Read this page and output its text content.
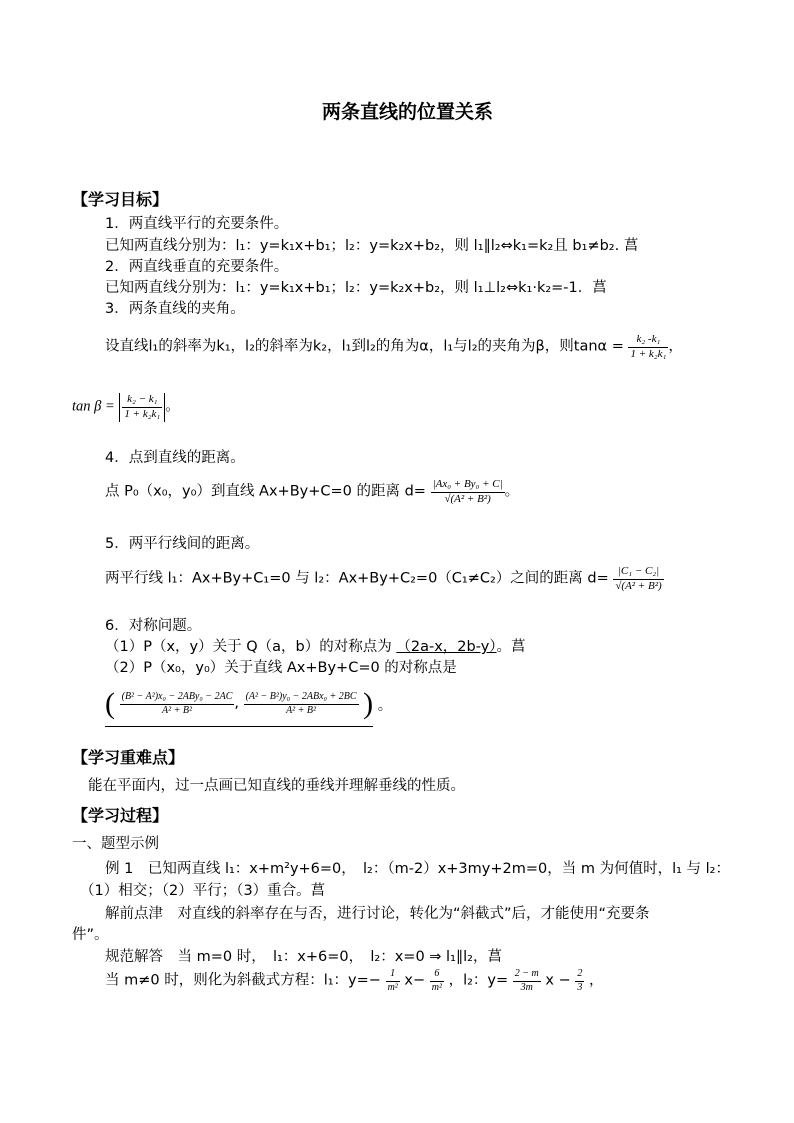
两条直线的位置关系
【学习目标】
1．两直线平行的充要条件。
已知两直线分别为：l₁：y=k₁x+b₁；l₂：y=k₂x+b₂，则 l₁∥l₂⇔k₁=k₂且 b₁≠b₂. 菖
2．两直线垂直的充要条件。
已知两直线分别为：l₁：y=k₁x+b₁；l₂：y=k₂x+b₂，则 l₁⊥l₂⇔k₁·k₂=-1．菖
3．两条直线的夹角。
设直线l₁的斜率为k₁，l₂的斜率为k₂，l₁到l₂的角为α，l₁与l₂的夹角为β，则$\tan\alpha = \frac{\text{k₂ -k₁}}{\text{1 + k₂k₁}}$ ，
$\tan \beta = \frac{\text{k₂ − k₁}}{\text{1 + k₂k₁}}$ 。
4．点到直线的距离。
点 P₀（x₀，y₀）到直线 Ax+By+C=0 的距离 $d= \frac{\text{|Ax₀ + By₀ + C|}}{\text{√(A² + B²)}}$ 。
5．两平行线间的距离。
两平行线 l₁：Ax+By+C₁=0 与 l₂：Ax+By+C₂=0（C₁≠C₂）之间的距离 $d= \frac{\text{|C₁ − C₂|}}{\text{√(A² + B²)}}$
6．对称问题。
（1）P（x，y）关于 Q（a，b）的对称点为 （2a-x，2b-y）。菖
（2）P（x₀，y₀）关于直线 Ax+By+C=0 的对称点是
( $\frac{\text{(B² − A²)x₀ − 2ABy₀ − 2AC}}{\text{A² + B²}}$ , $\frac{\text{(A² − B²)y₀ − 2ABx₀ + 2BC}}{\text{A² + B²}}$ ) 。
【学习重难点】
能在平面内，过一点画已知直线的垂线并理解垂线的性质。
【学习过程】
一、题型示例
例 1　已知两直线 l₁：x+m²y+6=0，　l₂：（m-2）x+3my+2m=0，当 m 为何值时，l₁ 与 l₂：
（1）相交；（2）平行；（3）重合。菖
解前点津　对直线的斜率存在与否，进行讨论，转化为“斜截式”后，才能使用“充要条
件”。
规范解答　当 m=0 时，　l₁：x+6=0，　l₂：x=0 ⇒ l₁∥l₂，菖
当 m≠0 时，则化为斜截式方程：l₁：$y=- \frac{1}{\text{m²}} x- \frac{6}{\text{m²}}$ ，l₂：$y= \frac{2 - m}{3m}$ $x - \frac{2}{3}$ ，
